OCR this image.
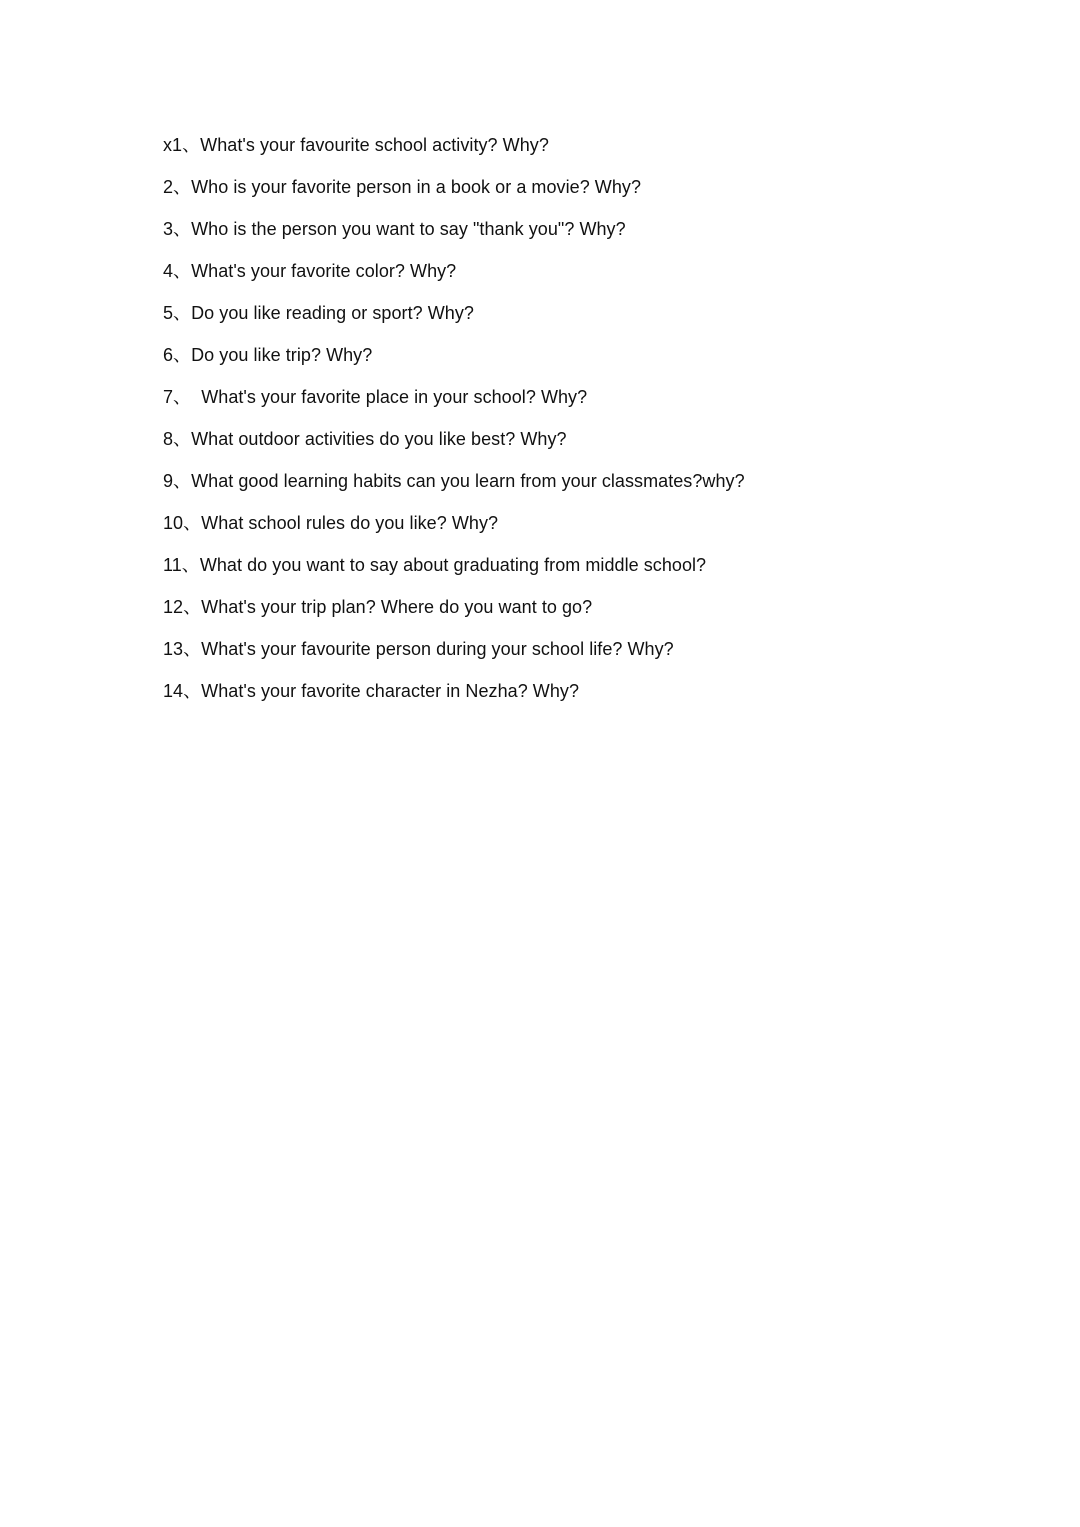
x1、What's your favourite school activity? Why?
2、Who is your favorite person in a book or a movie? Why?
3、Who is the person you want to say "thank you"? Why?
4、What's your favorite color? Why?
5、Do you like reading or sport? Why?
6、Do you like trip? Why?
7、  What's your favorite place in your school? Why?
8、What outdoor activities do you like best? Why?
9、What good learning habits can you learn from your classmates?why?
10、What school rules do you like? Why?
11、What do you want to say about graduating from middle school?
12、What's your trip plan? Where do you want to go?
13、What's your favourite person during your school life? Why?
14、What's your favorite character in Nezha? Why?
